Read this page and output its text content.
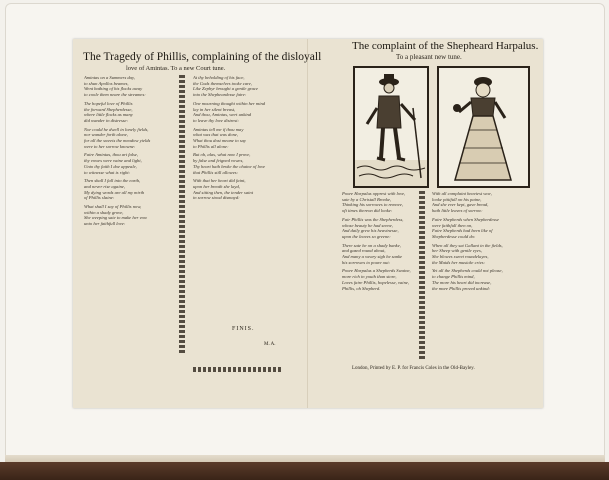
The Tragedy of Phillis, complaining of the disloyall
love of Amintas. To a new Court tune.
The complaint of the Shepheard Harpalus.
To a pleasant new tune.
Amintas on a Summers day,
to shun Apollos beames,
Went bathing of his flocks away
to coole them neare the streames:
The hopeful love of Phillis
the forward Shepherdesse,
where little flocks as many
did wander in distresse:
Nor could he dwell in lonely fields,
nor wander forth alone,
for all the sweets the meadow yields
were to her sorrow knowne:
Faire Amintas, thou art false,
thy vowes were vaine and light,
Unto thy faith I doe appeale,
to witnesse what is right:
Then shall I fall into the earth,
and never rise againe,
My dying words are all my mirth
of Phillis slaine:
What shall I say of Phillis now,
within a shady grove,
She weeping sate to make her vow
unto her faithfull love:
At thy beholding of his face,
the Gods themselves tooke care,
Like Zephyr brought a gentle grace
into the Shepheardesse faire:
One mourning thought within her mind
lay in her silent breast,
And thou, Amintas, wert unkind
to leave thy love distrest:
Amintas tell me if thou may
what was that was done,
What thou dost meane to say
to Phillis all alone:
But oh, alas, what now I prove,
by false and feigned vowes,
Thy heart hath broke the chaine of love
that Phillis still allowes:
With that her heart did faint,
upon her breath she layd,
And sitting then, the tender saint
in sorrow stood dismayd:
Poore Harpalus opprest with love,
sate by a Christall Brooke,
Thinking his sorrowes to remove,
oft times thereon did looke:
Fair Phillis was the Shepherdess,
whose beauty he had seene,
And daily grew his heavinesse,
upon the leaves so greene:
There sate he on a shady banke,
and gazed round about,
And many a weary sigh he sanke
his sorrowes to poure out:
Poore Harpalus a Shepherds Swaine,
more rich in youth than store,
Loves faire Phillis, hopelesse, vaine,
Phillis, oh Shepherd.
With all complaint heaviest woe,
looke pittifull on his paine,
And she ever kept, gave bread,
hath little leaves of sorrow:
Faire Shepherds when Shepherdesse
were faithfull then on,
Faire Shepherds had been like of
Shepherdesse could do:
When all they sat Gallant in the fields,
her Sheep with gentle eyes,
She blowes sweet roundelayes,
the Maids her musicke cries:
Yet all the Shepherds could not please,
to change Phillis mind,
The more his heart did increase,
the more Phillis proved unkind:
FINIS.
M. A.
London, Printed by E. P. for Francis Coles in the Old-Bayley.
